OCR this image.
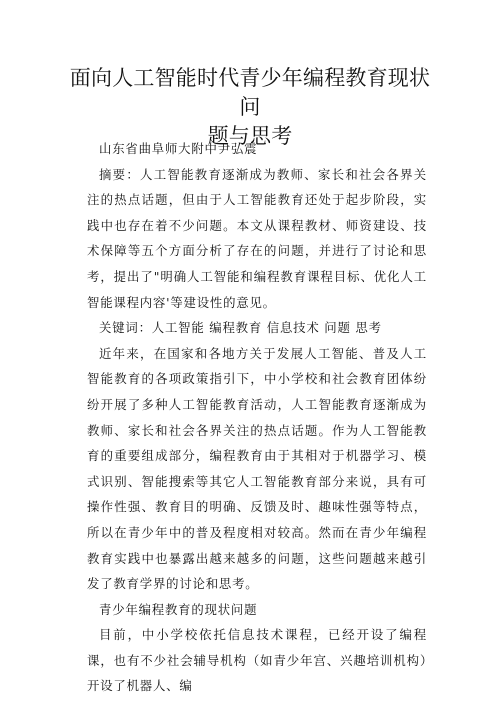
面向人工智能时代青少年编程教育现状问
题与思考

山东省曲阜师大附中尹弘震

摘要：人工智能教育逐渐成为教师、家长和社会各界关注的热点话题，但由于人工智能教育还处于起步阶段，实践中也存在着不少问题。本文从课程教材、师资建设、技术保障等五个方面分析了存在的问题，并进行了讨论和思考，提出了"明确人工智能和编程教育课程目标、优化人工智能课程内容'等建设性的意见。

关键词：人工智能 编程教育 信息技术 问题 思考

近年来，在国家和各地方关于发展人工智能、普及人工智能教育的各项政策指引下，中小学校和社会教育团体纷纷开展了多种人工智能教育活动，人工智能教育逐渐成为教师、家长和社会各界关注的热点话题。作为人工智能教育的重要组成部分，编程教育由于其相对于机器学习、模式识别、智能搜索等其它人工智能教育部分来说，具有可操作性强、教育目的明确、反馈及时、趣味性强等特点，所以在青少年中的普及程度相对较高。然而在青少年编程教育实践中也暴露出越来越多的问题，这些问题越来越引发了教育学界的讨论和思考。

青少年编程教育的现状问题

目前，中小学校依托信息技术课程，已经开设了编程课，也有不少社会辅导机构（如青少年宫、兴趣培训机构）开设了机器人、编
